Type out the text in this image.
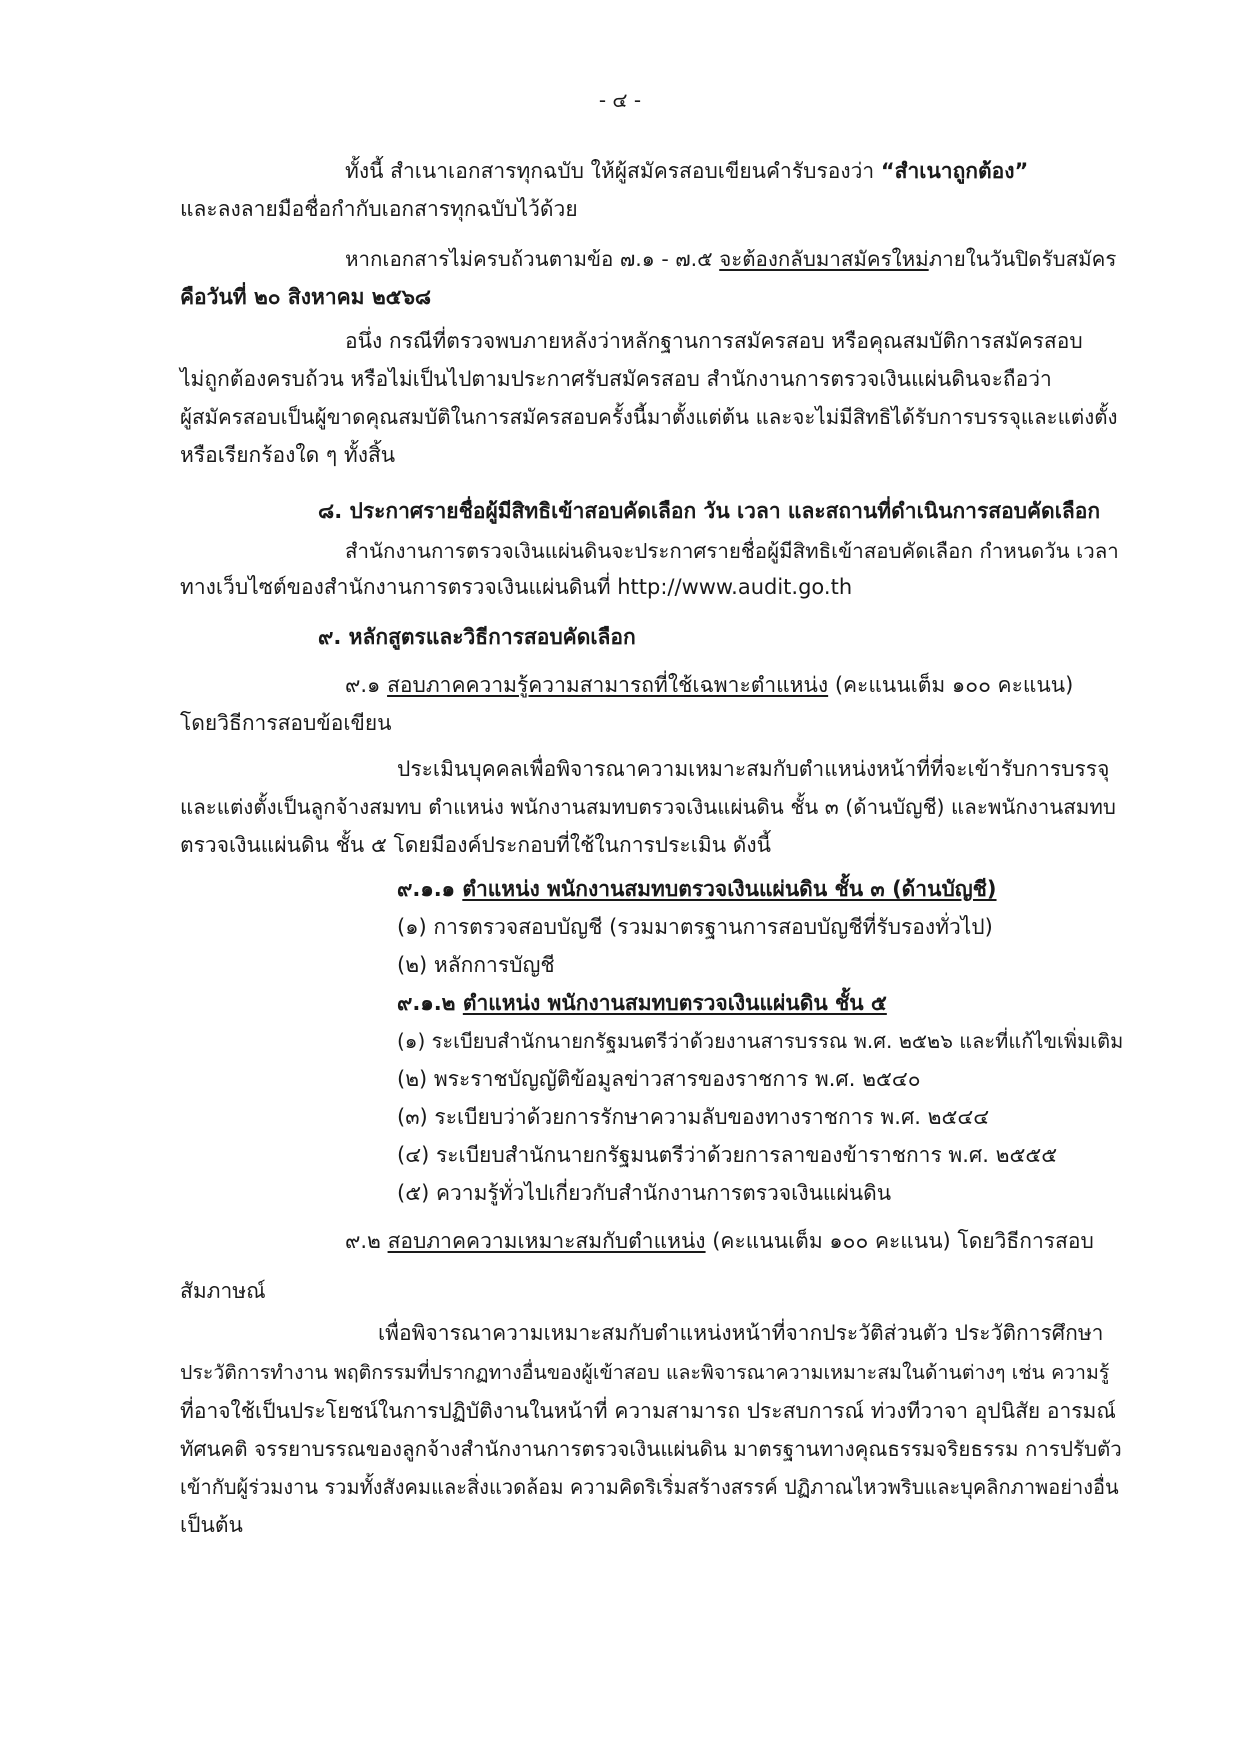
- ๔ -
ทั้งนี้ สำเนาเอกสารทุกฉบับ ให้ผู้สมัครสอบเขียนคำรับรองว่า “สำเนาถูกต้อง”
และลงลายมือชื่อกำกับเอกสารทุกฉบับไว้ด้วย
หากเอกสารไม่ครบถ้วนตามข้อ ๗.๑ - ๗.๕ จะต้องกลับมาสมัครใหม่ภายในวันปิดรับสมัคร
คือวันที่ ๒๐ สิงหาคม ๒๕๖๘
อนึ่ง กรณีที่ตรวจพบภายหลังว่าหลักฐานการสมัครสอบ หรือคุณสมบัติการสมัครสอบ
ไม่ถูกต้องครบถ้วน หรือไม่เป็นไปตามประกาศรับสมัครสอบ สำนักงานการตรวจเงินแผ่นดินจะถือว่า
ผู้สมัครสอบเป็นผู้ขาดคุณสมบัติในการสมัครสอบครั้งนี้มาตั้งแต่ต้น และจะไม่มีสิทธิได้รับการบรรจุและแต่งตั้ง
หรือเรียกร้องใด ๆ ทั้งสิ้น
๘. ประกาศรายชื่อผู้มีสิทธิเข้าสอบคัดเลือก วัน เวลา และสถานที่ดำเนินการสอบคัดเลือก
สำนักงานการตรวจเงินแผ่นดินจะประกาศรายชื่อผู้มีสิทธิเข้าสอบคัดเลือก กำหนดวัน เวลา
ทางเว็บไซต์ของสำนักงานการตรวจเงินแผ่นดินที่ http://www.audit.go.th
๙. หลักสูตรและวิธีการสอบคัดเลือก
๙.๑ สอบภาคความรู้ความสามารถที่ใช้เฉพาะตำแหน่ง (คะแนนเต็ม ๑๐๐ คะแนน)
โดยวิธีการสอบข้อเขียน
ประเมินบุคคลเพื่อพิจารณาความเหมาะสมกับตำแหน่งหน้าที่ที่จะเข้ารับการบรรจุ
และแต่งตั้งเป็นลูกจ้างสมทบ ตำแหน่ง พนักงานสมทบตรวจเงินแผ่นดิน ชั้น ๓ (ด้านบัญชี) และพนักงานสมทบ
ตรวจเงินแผ่นดิน ชั้น ๕ โดยมีองค์ประกอบที่ใช้ในการประเมิน ดังนี้
๙.๑.๑ ตำแหน่ง พนักงานสมทบตรวจเงินแผ่นดิน ชั้น ๓ (ด้านบัญชี)
(๑) การตรวจสอบบัญชี (รวมมาตรฐานการสอบบัญชีที่รับรองทั่วไป)
(๒) หลักการบัญชี
๙.๑.๒ ตำแหน่ง พนักงานสมทบตรวจเงินแผ่นดิน ชั้น ๕
(๑) ระเบียบสำนักนายกรัฐมนตรีว่าด้วยงานสารบรรณ พ.ศ. ๒๕๒๖ และที่แก้ไขเพิ่มเติม
(๒) พระราชบัญญัติข้อมูลข่าวสารของราชการ พ.ศ. ๒๕๔๐
(๓) ระเบียบว่าด้วยการรักษาความลับของทางราชการ พ.ศ. ๒๕๔๔
(๔) ระเบียบสำนักนายกรัฐมนตรีว่าด้วยการลาของข้าราชการ พ.ศ. ๒๕๕๕
(๕) ความรู้ทั่วไปเกี่ยวกับสำนักงานการตรวจเงินแผ่นดิน
๙.๒ สอบภาคความเหมาะสมกับตำแหน่ง (คะแนนเต็ม ๑๐๐ คะแนน) โดยวิธีการสอบ
สัมภาษณ์
เพื่อพิจารณาความเหมาะสมกับตำแหน่งหน้าที่จากประวัติส่วนตัว ประวัติการศึกษา
ประวัติการทำงาน พฤติกรรมที่ปรากฏทางอื่นของผู้เข้าสอบ และพิจารณาความเหมาะสมในด้านต่างๆ เช่น ความรู้
ที่อาจใช้เป็นประโยชน์ในการปฏิบัติงานในหน้าที่ ความสามารถ ประสบการณ์ ท่วงทีวาจา อุปนิสัย อารมณ์
ทัศนคติ จรรยาบรรณของลูกจ้างสำนักงานการตรวจเงินแผ่นดิน มาตรฐานทางคุณธรรมจริยธรรม การปรับตัว
เข้ากับผู้ร่วมงาน รวมทั้งสังคมและสิ่งแวดล้อม ความคิดริเริ่มสร้างสรรค์ ปฏิภาณไหวพริบและบุคลิกภาพอย่างอื่น
เป็นต้น
